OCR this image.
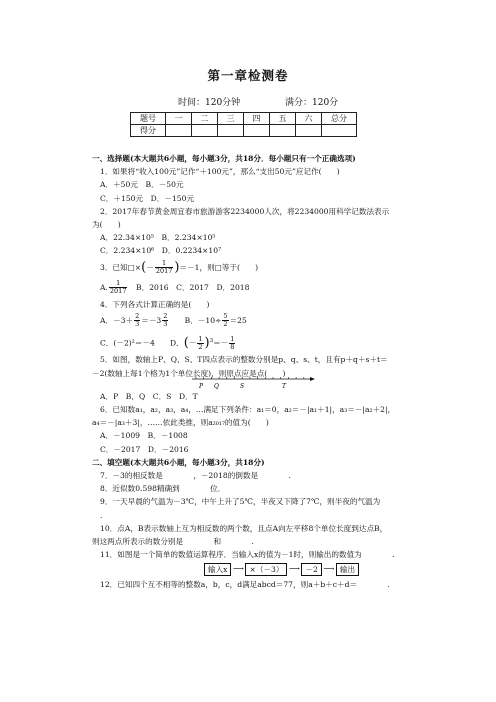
第一章检测卷
时间：120分钟	满分：120分
题号	一	二	三	四	五	六	总分
得分							

一、选择题(本大题共6小题，每小题3分，共18分．每小题只有一个正确选项)

1．如果将“收入100元”记作“＋100元”，那么“支出50元”应记作(　　)

A．＋50元　B．－50元

C．＋150元　D．－150元

2．2017年春节黄金周宜春市旅游游客2234000人次，将2234000用科学记数法表示

为(　　)

A．22.34×10⁵　B．2.234×10⁵

C．2.234×10⁶　D．0.2234×10⁷

3．已知□×(－ $\frac{1}{2017} )=-1$，则□等于(　　)

A. $\frac{1}{2017}$
　 B．2016　C．2017　D．2018

4．下列各式计算正确的是(　　)

A．$-3+ \frac{2}{3} =-3 \frac{2}{3}$
　　 B．$-10\div \frac{5}{2} =25$

C．(－2)²＝－4　　 D．(－ $\frac{1}{2} )^3=- \frac{1}{8}$

5．如图，数轴上P、Q、S、T四点表示的整数分别是p、q、s、t，且有p＋q＋s＋t＝

－2(数轴上每1个格为1个单位长度)，则原点应是点(　　)

P Q	S	T

A．P　B．Q　C．S　D．T

6．已知数a₁，a₂，a₃，a₄，…满足下列条件：a₁＝0，a₂＝－|a₁＋1|，a₃＝－|a₂＋2|，

a₄＝－|a₃＋3|，……依此类推，则a₂₀₁₇的值为(　　)

A．－1009　B．－1008

C．－2017　D．－2016

二、填空题(本大题共6小题，每小题3分，共18分)

7．－3的相反数是　　　　，－2018的倒数是　　　　.

8．近似数0.598精确到　　　　位．

9．一天早晨的气温为－3℃，中午上升了5℃，半夜又下降了7℃，则半夜的气温为

.

10．点A，B表示数轴上互为相反数的两个数，且点A向左平移8个单位长度到达点B，

则这两点所表示的数分别是　　　　和　　　　.

11．如图是一个简单的数值运算程序．当输入x的值为－1时，则输出的数值为　　　　.

输入x ⟶ ×（－3） ⟶ －2 ⟶ 输出

12．已知四个互不相等的整数a，b，c，d满足abcd＝77，则a＋b＋c＋d＝　　　　.
